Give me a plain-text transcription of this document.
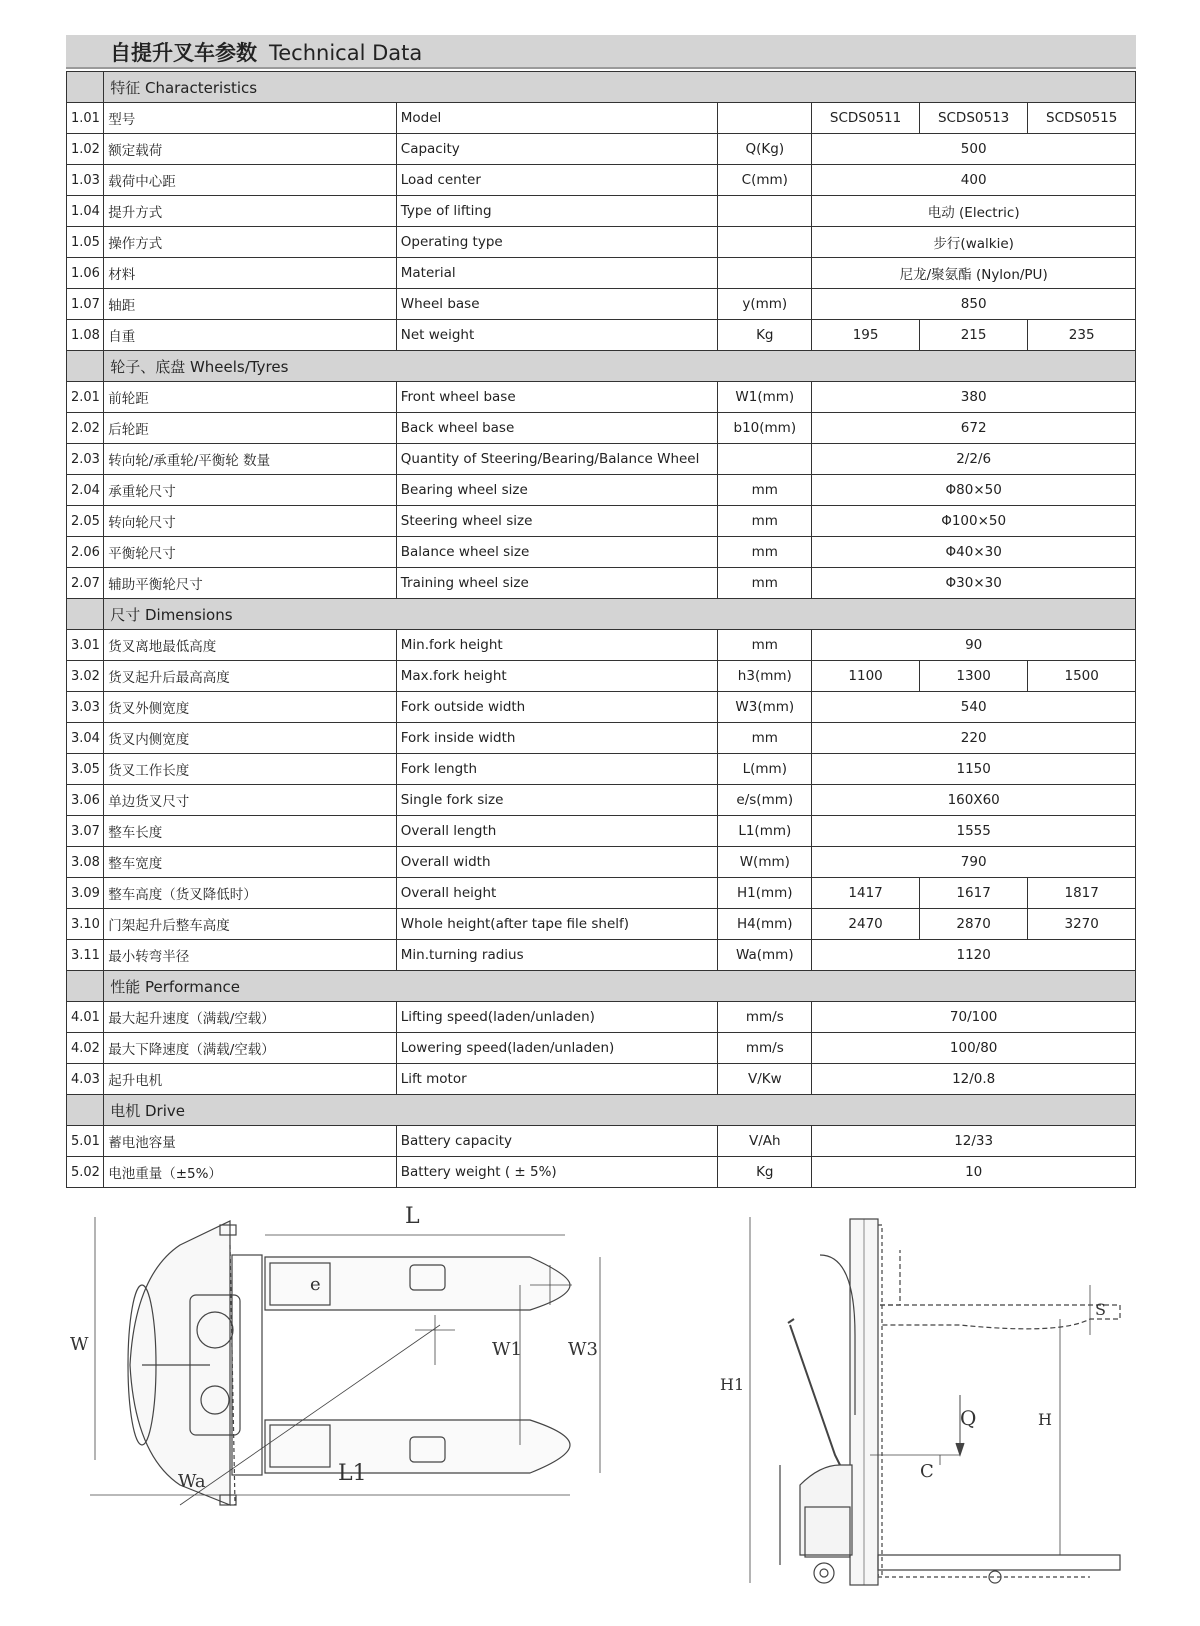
自提升叉车参数 Technical Data
	特征 Characteristics					
1.01	型号	Model		SCDS0511	SCDS0513	SCDS0515
1.02	额定载荷	Capacity	Q(Kg)	500		
1.03	载荷中心距	Load center	C(mm)	400		
1.04	提升方式	Type of lifting		电动 (Electric)		
1.05	操作方式	Operating type		步行(walkie)		
1.06	材料	Material		尼龙/聚氨酯 (Nylon/PU)		
1.07	轴距	Wheel base	y(mm)	850		
1.08	自重	Net weight	Kg	195	215	235
	轮子、底盘 Wheels/Tyres					
2.01	前轮距	Front wheel base	W1(mm)	380		
2.02	后轮距	Back wheel base	b10(mm)	672		
2.03	转向轮/承重轮/平衡轮 数量	Quantity of Steering/Bearing/Balance Wheel		2/2/6		
2.04	承重轮尺寸	Bearing wheel size	mm	Φ80×50		
2.05	转向轮尺寸	Steering wheel size	mm	Φ100×50		
2.06	平衡轮尺寸	Balance wheel size	mm	Φ40×30		
2.07	辅助平衡轮尺寸	Training wheel size	mm	Φ30×30		
	尺寸 Dimensions					
3.01	货叉离地最低高度	Min.fork height	mm	90		
3.02	货叉起升后最高高度	Max.fork height	h3(mm)	1100	1300	1500
3.03	货叉外侧宽度	Fork outside width	W3(mm)	540		
3.04	货叉内侧宽度	Fork inside width	mm	220		
3.05	货叉工作长度	Fork length	L(mm)	1150		
3.06	单边货叉尺寸	Single fork size	e/s(mm)	160X60		
3.07	整车长度	Overall length	L1(mm)	1555		
3.08	整车宽度	Overall width	W(mm)	790		
3.09	整车高度（货叉降低时）	Overall height	H1(mm)	1417	1617	1817
3.10	门架起升后整车高度	Whole height(after tape file shelf)	H4(mm)	2470	2870	3270
3.11	最小转弯半径	Min.turning radius	Wa(mm)	1120		
	性能 Performance					
4.01	最大起升速度（满载/空载）	Lifting speed(laden/unladen)	mm/s	70/100		
4.02	最大下降速度（满载/空载）	Lowering speed(laden/unladen)	mm/s	100/80		
4.03	起升电机	Lift motor	V/Kw	12/0.8		
	电机 Drive					
5.01	蓄电池容量	Battery capacity	V/Ah	12/33		
5.02	电池重量（±5%）	Battery weight ( ± 5%)	Kg	10		
L
e
W	W1	W3
L1
Wa
H1
H
S
Q
C
